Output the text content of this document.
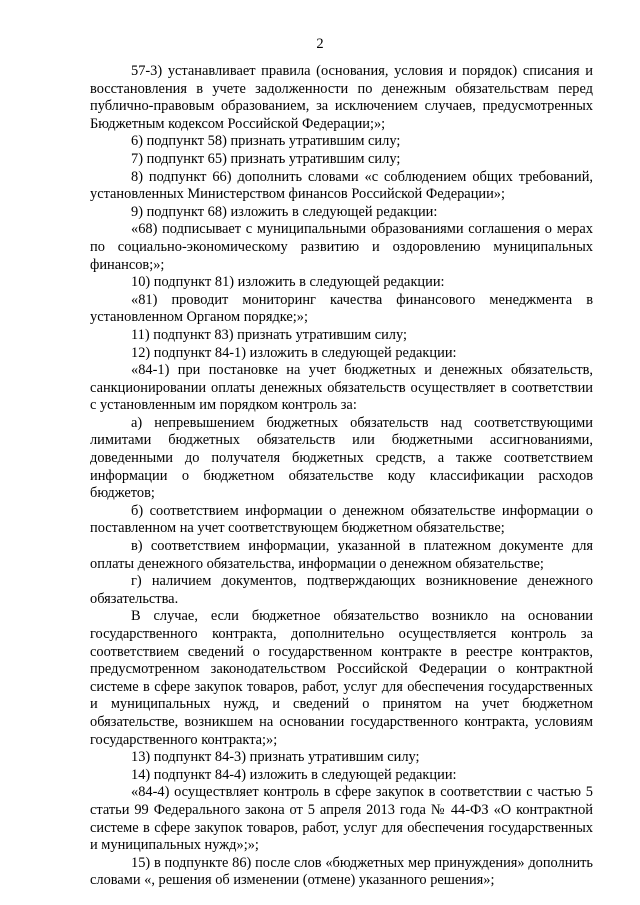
2

57-3) устанавливает правила (основания, условия и порядок) списания и восстановления в учете задолженности по денежным обязательствам перед публично-правовым образованием, за исключением случаев, предусмотренных Бюджетным кодексом Российской Федерации;»;

6) подпункт 58) признать утратившим силу;

7) подпункт 65) признать утратившим силу;

8) подпункт 66) дополнить словами «с соблюдением общих требований, установленных Министерством финансов Российской Федерации»;

9) подпункт 68) изложить в следующей редакции:

«68) подписывает с муниципальными образованиями соглашения о мерах по социально-экономическому развитию и оздоровлению муниципальных финансов;»;

10) подпункт 81) изложить в следующей редакции:

«81) проводит мониторинг качества финансового менеджмента в установленном Органом порядке;»;

11) подпункт 83) признать утратившим силу;

12) подпункт 84-1) изложить в следующей редакции:

«84-1) при постановке на учет бюджетных и денежных обязательств, санкционировании оплаты денежных обязательств осуществляет в соответствии с установленным им порядком контроль за:

а) непревышением бюджетных обязательств над соответствующими лимитами бюджетных обязательств или бюджетными ассигнованиями, доведенными до получателя бюджетных средств, а также соответствием информации о бюджетном обязательстве коду классификации расходов бюджетов;

б) соответствием информации о денежном обязательстве информации о поставленном на учет соответствующем бюджетном обязательстве;

в) соответствием информации, указанной в платежном документе для оплаты денежного обязательства, информации о денежном обязательстве;

г) наличием документов, подтверждающих возникновение денежного обязательства.

В случае, если бюджетное обязательство возникло на основании государственного контракта, дополнительно осуществляется контроль за соответствием сведений о государственном контракте в реестре контрактов, предусмотренном законодательством Российской Федерации о контрактной системе в сфере закупок товаров, работ, услуг для обеспечения государственных и муниципальных нужд, и сведений о принятом на учет бюджетном обязательстве, возникшем на основании государственного контракта, условиям государственного контракта;»;

13) подпункт 84-3) признать утратившим силу;

14) подпункт 84-4) изложить в следующей редакции:

«84-4) осуществляет контроль в сфере закупок в соответствии с частью 5 статьи 99 Федерального закона от 5 апреля 2013 года № 44-ФЗ «О контрактной системе в сфере закупок товаров, работ, услуг для обеспечения государственных и муниципальных нужд»;»;

15) в подпункте 86) после слов «бюджетных мер принуждения» дополнить словами «, решения об изменении (отмене) указанного решения»;
